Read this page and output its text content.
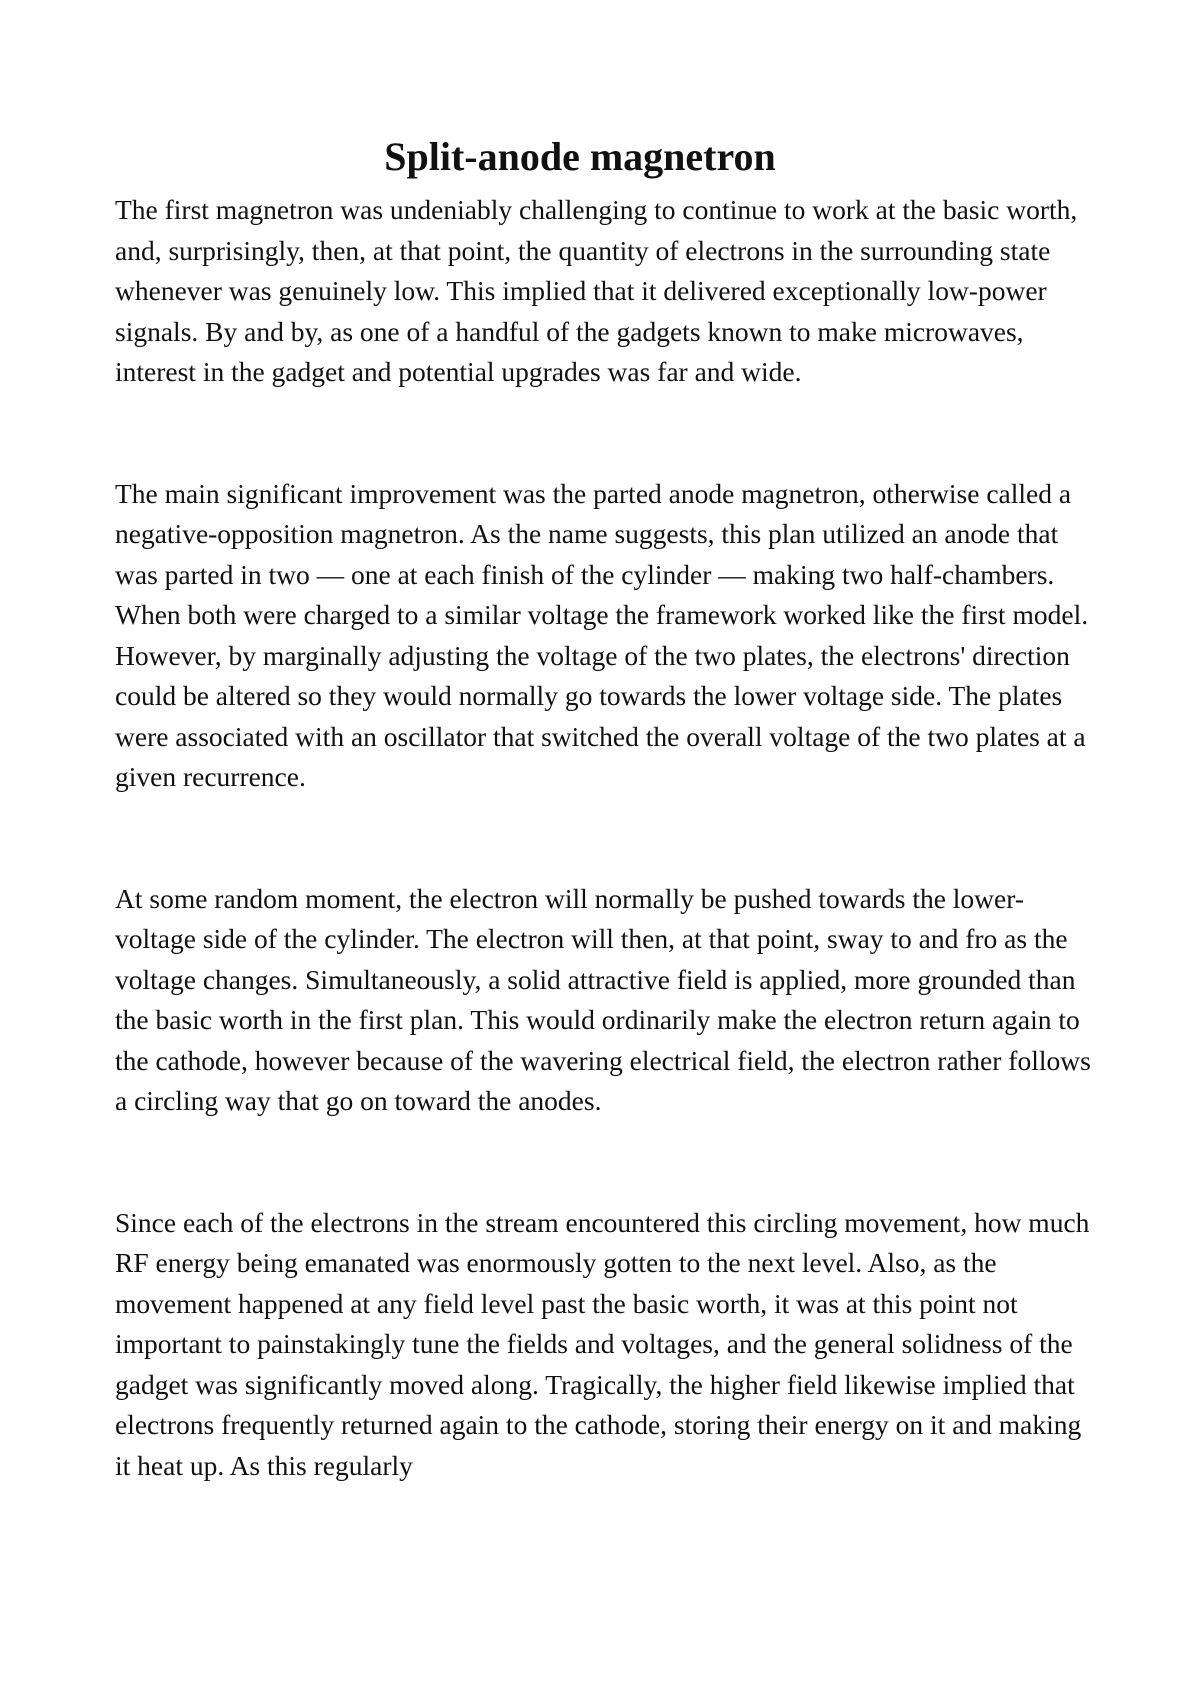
Split-anode magnetron

The first magnetron was undeniably challenging to continue to work at the basic worth, and, surprisingly, then, at that point, the quantity of electrons in the surrounding state whenever was genuinely low. This implied that it delivered exceptionally low-power signals. By and by, as one of a handful of the gadgets known to make microwaves, interest in the gadget and potential upgrades was far and wide.

The main significant improvement was the parted anode magnetron, otherwise called a negative-opposition magnetron. As the name suggests, this plan utilized an anode that was parted in two — one at each finish of the cylinder — making two half-chambers. When both were charged to a similar voltage the framework worked like the first model. However, by marginally adjusting the voltage of the two plates, the electrons' direction could be altered so they would normally go towards the lower voltage side. The plates were associated with an oscillator that switched the overall voltage of the two plates at a given recurrence.

At some random moment, the electron will normally be pushed towards the lower-voltage side of the cylinder. The electron will then, at that point, sway to and fro as the voltage changes. Simultaneously, a solid attractive field is applied, more grounded than the basic worth in the first plan. This would ordinarily make the electron return again to the cathode, however because of the wavering electrical field, the electron rather follows a circling way that go on toward the anodes.

Since each of the electrons in the stream encountered this circling movement, how much RF energy being emanated was enormously gotten to the next level. Also, as the movement happened at any field level past the basic worth, it was at this point not important to painstakingly tune the fields and voltages, and the general solidness of the gadget was significantly moved along. Tragically, the higher field likewise implied that electrons frequently returned again to the cathode, storing their energy on it and making it heat up. As this regularly
